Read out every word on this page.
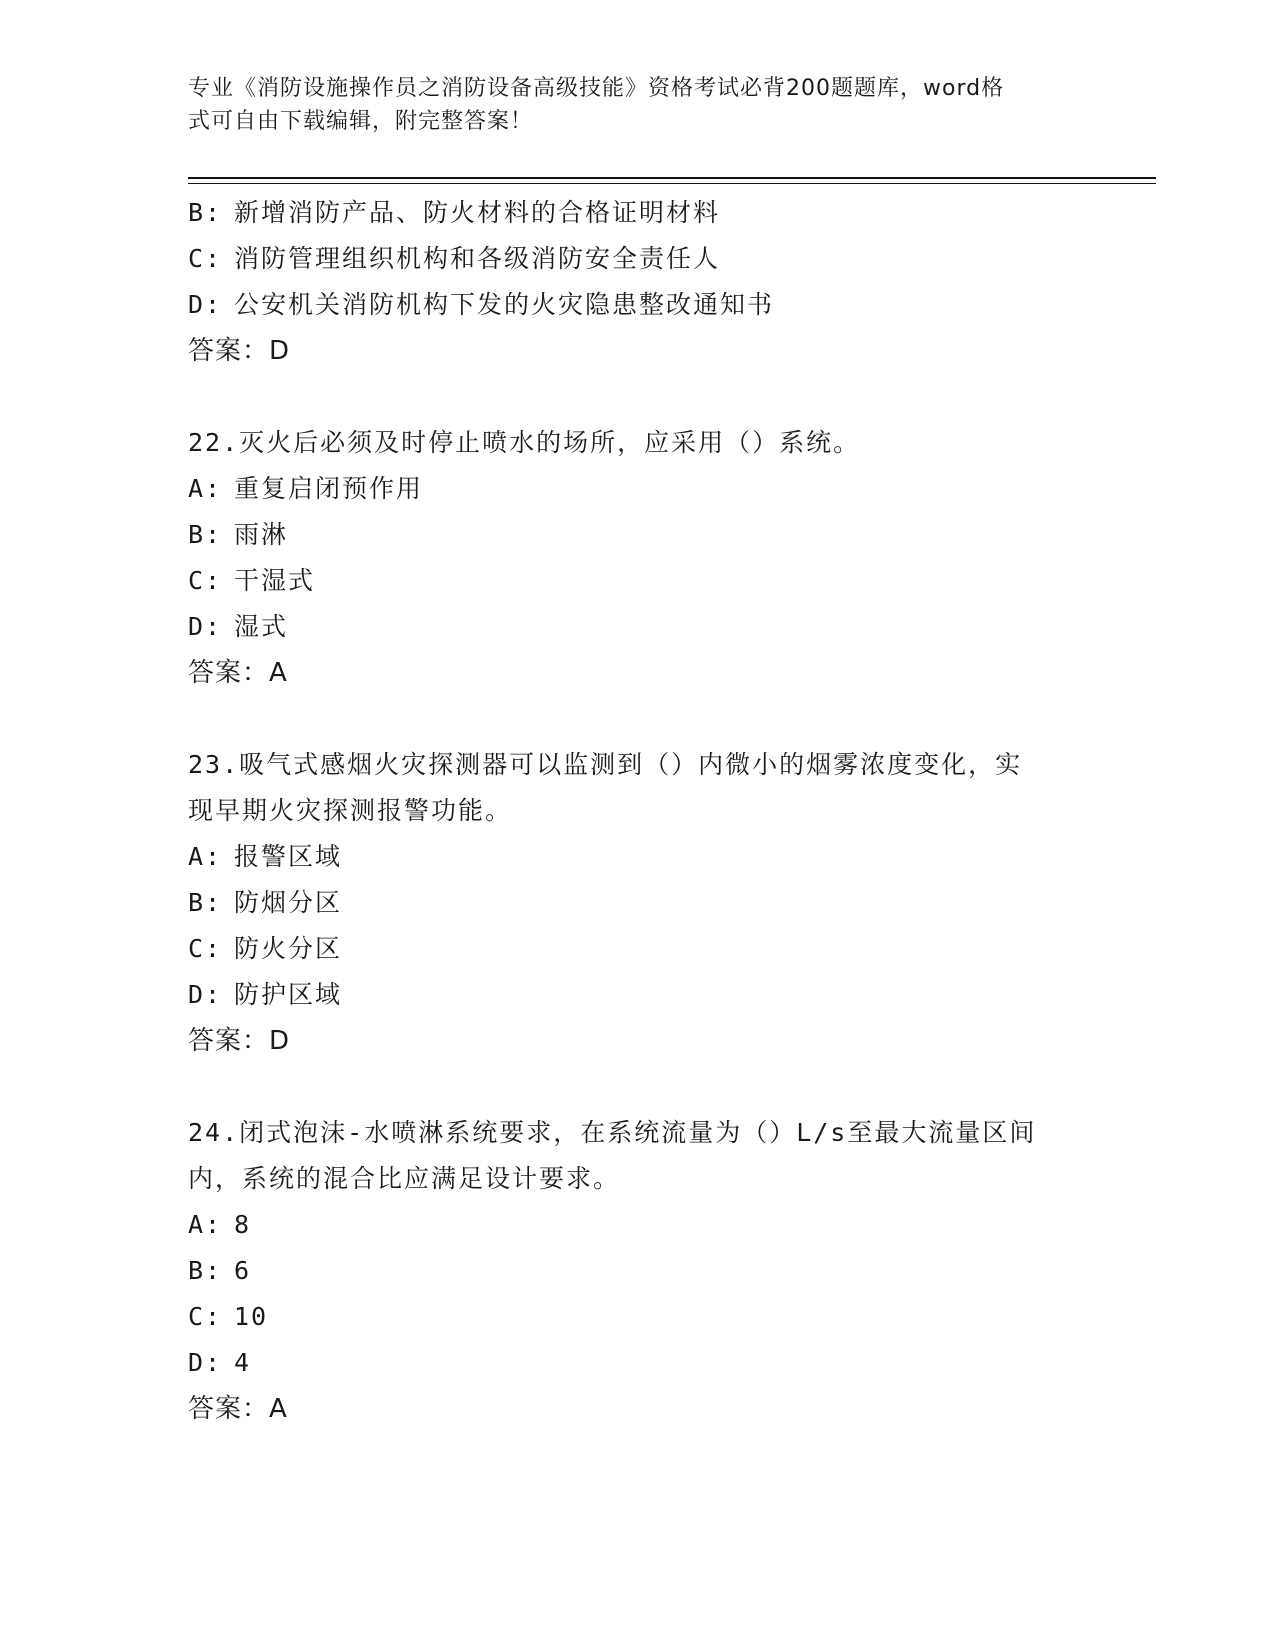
专业《消防设施操作员之消防设备高级技能》资格考试必背200题题库，word格
式可自由下载编辑，附完整答案！
B: 新增消防产品、防火材料的合格证明材料
C: 消防管理组织机构和各级消防安全责任人
D: 公安机关消防机构下发的火灾隐患整改通知书
答案：D
22.灭火后必须及时停止喷水的场所，应采用（）系统。
A: 重复启闭预作用
B: 雨淋
C: 干湿式
D: 湿式
答案：A
23.吸气式感烟火灾探测器可以监测到（）内微小的烟雾浓度变化，实
现早期火灾探测报警功能。
A: 报警区域
B: 防烟分区
C: 防火分区
D: 防护区域
答案：D
24.闭式泡沫-水喷淋系统要求，在系统流量为（）L/s至最大流量区间
内，系统的混合比应满足设计要求。
A: 8
B: 6
C: 10
D: 4
答案：A
